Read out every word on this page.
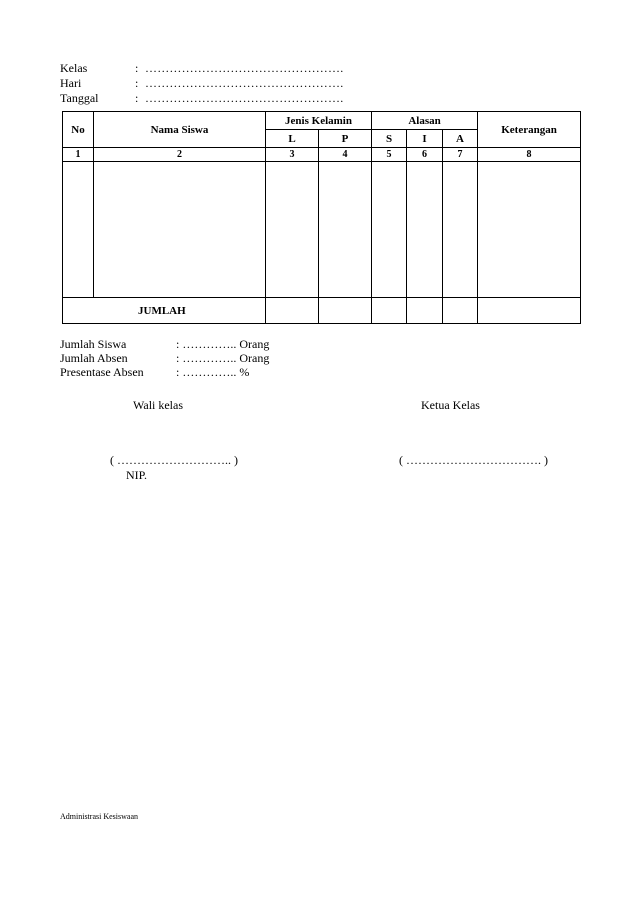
Kelas	: ………………………………………….
Hari	: ………………………………………….
Tanggal	: ………………………………………….
No	Nama Siswa	Jenis Kelamin		Alasan			Keterangan
		L	P	S	I	A	
1	2	3	4	5	6	7	8

JUMLAH							
Jumlah Siswa	: ………….. Orang
Jumlah Absen	: ………….. Orang
Presentase Absen	: ………….. %
Wali kelas	Ketua Kelas
( ……………………….. )	( ……………………………. )
NIP.
Administrasi Kesiswaan
